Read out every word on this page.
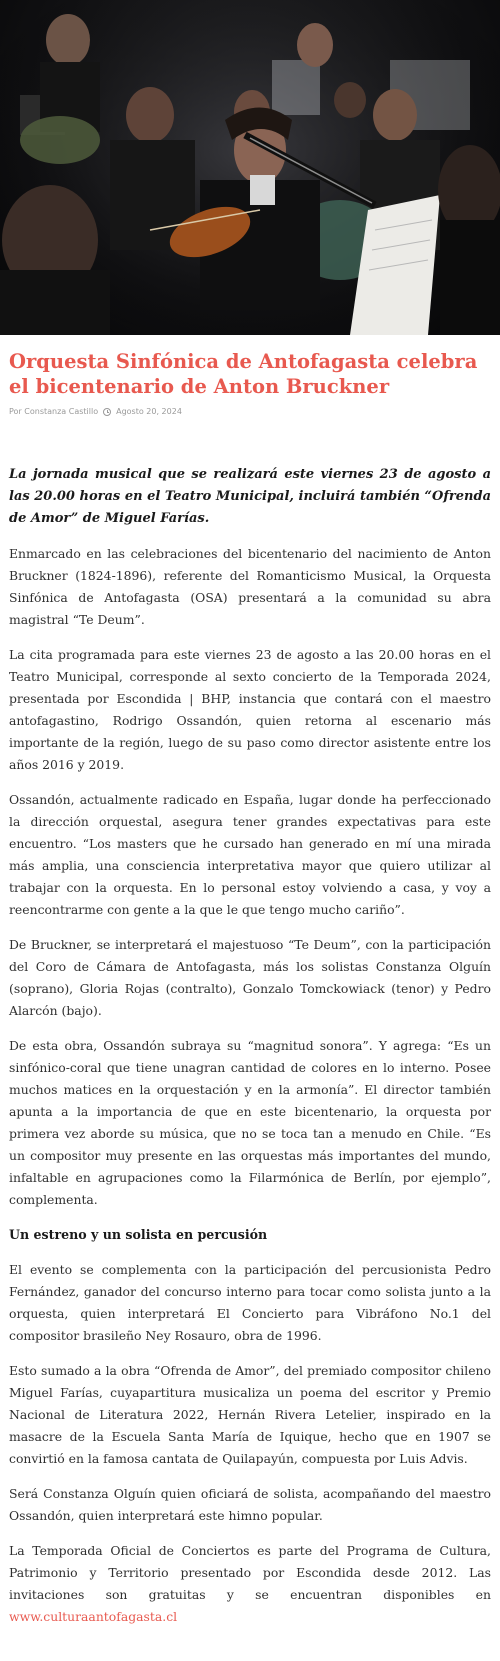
Orquesta Sinfónica de Antofagasta celebra el bicentenario de Anton Bruckner
Por Constanza Castillo Agosto 20, 2024

La jornada musical que se realizará este viernes 23 de agosto a las 20.00 horas en el Teatro Municipal, incluirá también “Ofrenda de Amor” de Miguel Farías.

Enmarcado en las celebraciones del bicentenario del nacimiento de Anton Bruckner (1824-1896), referente del Romanticismo Musical, la Orquesta Sinfónica de Antofagasta (OSA) presentará a la comunidad su abra magistral “Te Deum”.

La cita programada para este viernes 23 de agosto a las 20.00 horas en el Teatro Municipal, corresponde al sexto concierto de la Temporada 2024, presentada por Escondida | BHP, instancia que contará con el maestro antofagastino, Rodrigo Ossandón, quien retorna al escenario más importante de la región, luego de su paso como director asistente entre los años 2016 y 2019.

Ossandón, actualmente radicado en España, lugar donde ha perfeccionado la dirección orquestal, asegura tener grandes expectativas para este encuentro. “Los masters que he cursado han generado en mí una mirada más amplia, una consciencia interpretativa mayor que quiero utilizar al trabajar con la orquesta. En lo personal estoy volviendo a casa, y voy a reencontrarme con gente a la que le que tengo mucho cariño”.

De Bruckner, se interpretará el majestuoso “Te Deum”, con la participación del Coro de Cámara de Antofagasta, más los solistas Constanza Olguín (soprano), Gloria Rojas (contralto), Gonzalo Tomckowiack (tenor) y Pedro Alarcón (bajo).

De esta obra, Ossandón subraya su “magnitud sonora”. Y agrega: “Es un sinfónico-coral que tiene unagran cantidad de colores en lo interno. Posee muchos matices en la orquestación y en la armonía”. El director también apunta a la importancia de que en este bicentenario, la orquesta por primera vez aborde su música, que no se toca tan a menudo en Chile. “Es un compositor muy presente en las orquestas más importantes del mundo, infaltable en agrupaciones como la Filarmónica de Berlín, por ejemplo”, complementa.

Un estreno y un solista en percusión

El evento se complementa con la participación del percusionista Pedro Fernández, ganador del concurso interno para tocar como solista junto a la orquesta, quien interpretará El Concierto para Vibráfono No.1 del compositor brasileño Ney Rosauro, obra de 1996.

Esto sumado a la obra “Ofrenda de Amor”, del premiado compositor chileno Miguel Farías, cuyapartitura musicaliza un poema del escritor y Premio Nacional de Literatura 2022, Hernán Rivera Letelier, inspirado en la masacre de la Escuela Santa María de Iquique, hecho que en 1907 se convirtió en la famosa cantata de Quilapayún, compuesta por Luis Advis.

Será Constanza Olguín quien oficiará de solista, acompañando del maestro Ossandón, quien interpretará este himno popular.

La Temporada Oficial de Conciertos es parte del Programa de Cultura, Patrimonio y Territorio presentado por Escondida desde 2012. Las invitaciones son gratuitas y se encuentran disponibles en www.culturaantofagasta.cl
